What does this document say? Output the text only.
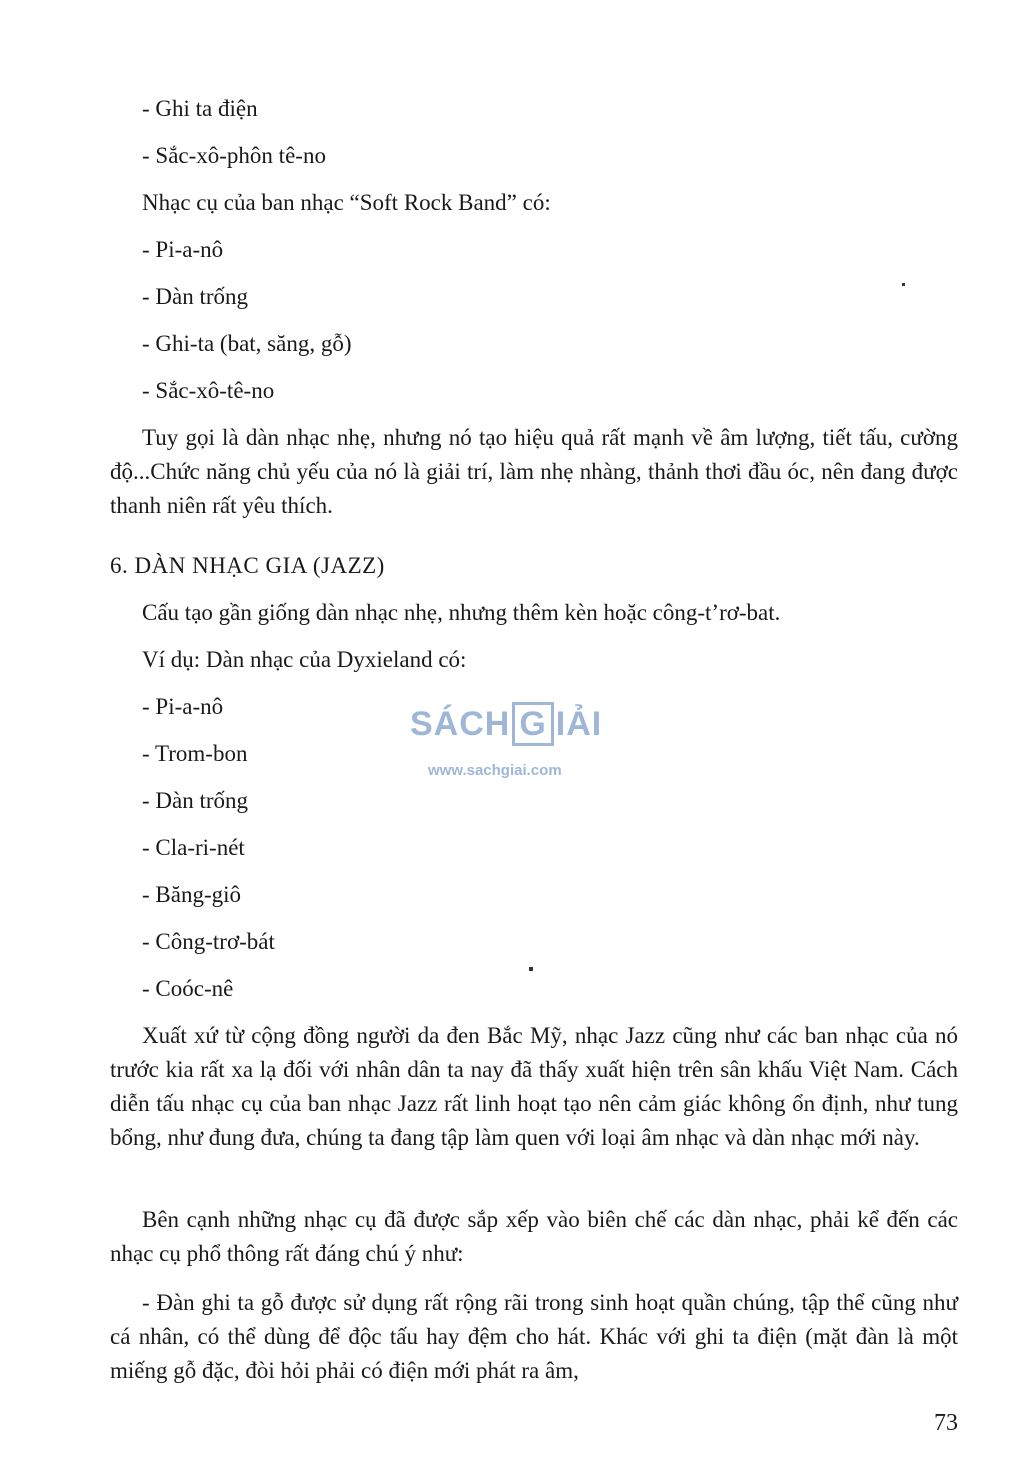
- Ghi ta điện
- Sắc-xô-phôn tê-no
Nhạc cụ của ban nhạc “Soft Rock Band” có:
- Pi-a-nô
- Dàn trống
- Ghi-ta (bat, săng, gỗ)
- Sắc-xô-tê-no
Tuy gọi là dàn nhạc nhẹ, nhưng nó tạo hiệu quả rất mạnh về âm lượng, tiết tấu, cường độ...Chức năng chủ yếu của nó là giải trí, làm nhẹ nhàng, thảnh thơi đầu óc, nên đang được thanh niên rất yêu thích.
6. DÀN NHẠC GIA (JAZZ)
Cấu tạo gần giống dàn nhạc nhẹ, nhưng thêm kèn hoặc công-t’rơ-bat.
Ví dụ: Dàn nhạc của Dyxieland có:
- Pi-a-nô
- Trom-bon
- Dàn trống
- Cla-ri-nét
- Băng-giô
- Công-trơ-bát
- Coóc-nê
Xuất xứ từ cộng đồng người da đen Bắc Mỹ, nhạc Jazz cũng như các ban nhạc của nó trước kia rất xa lạ đối với nhân dân ta nay đã thấy xuất hiện trên sân khấu Việt Nam. Cách diễn tấu nhạc cụ của ban nhạc Jazz rất linh hoạt tạo nên cảm giác không ổn định, như tung bổng, như đung đưa, chúng ta đang tập làm quen với loại âm nhạc và dàn nhạc mới này.
Bên cạnh những nhạc cụ đã được sắp xếp vào biên chế các dàn nhạc, phải kể đến các nhạc cụ phổ thông rất đáng chú ý như:
- Đàn ghi ta gỗ được sử dụng rất rộng rãi trong sinh hoạt quần chúng, tập thể cũng như cá nhân, có thể dùng để độc tấu hay đệm cho hát. Khác với ghi ta điện (mặt đàn là một miếng gỗ đặc, đòi hỏi phải có điện mới phát ra âm,
SÁCH G IẢI
www.sachgiai.com
73
